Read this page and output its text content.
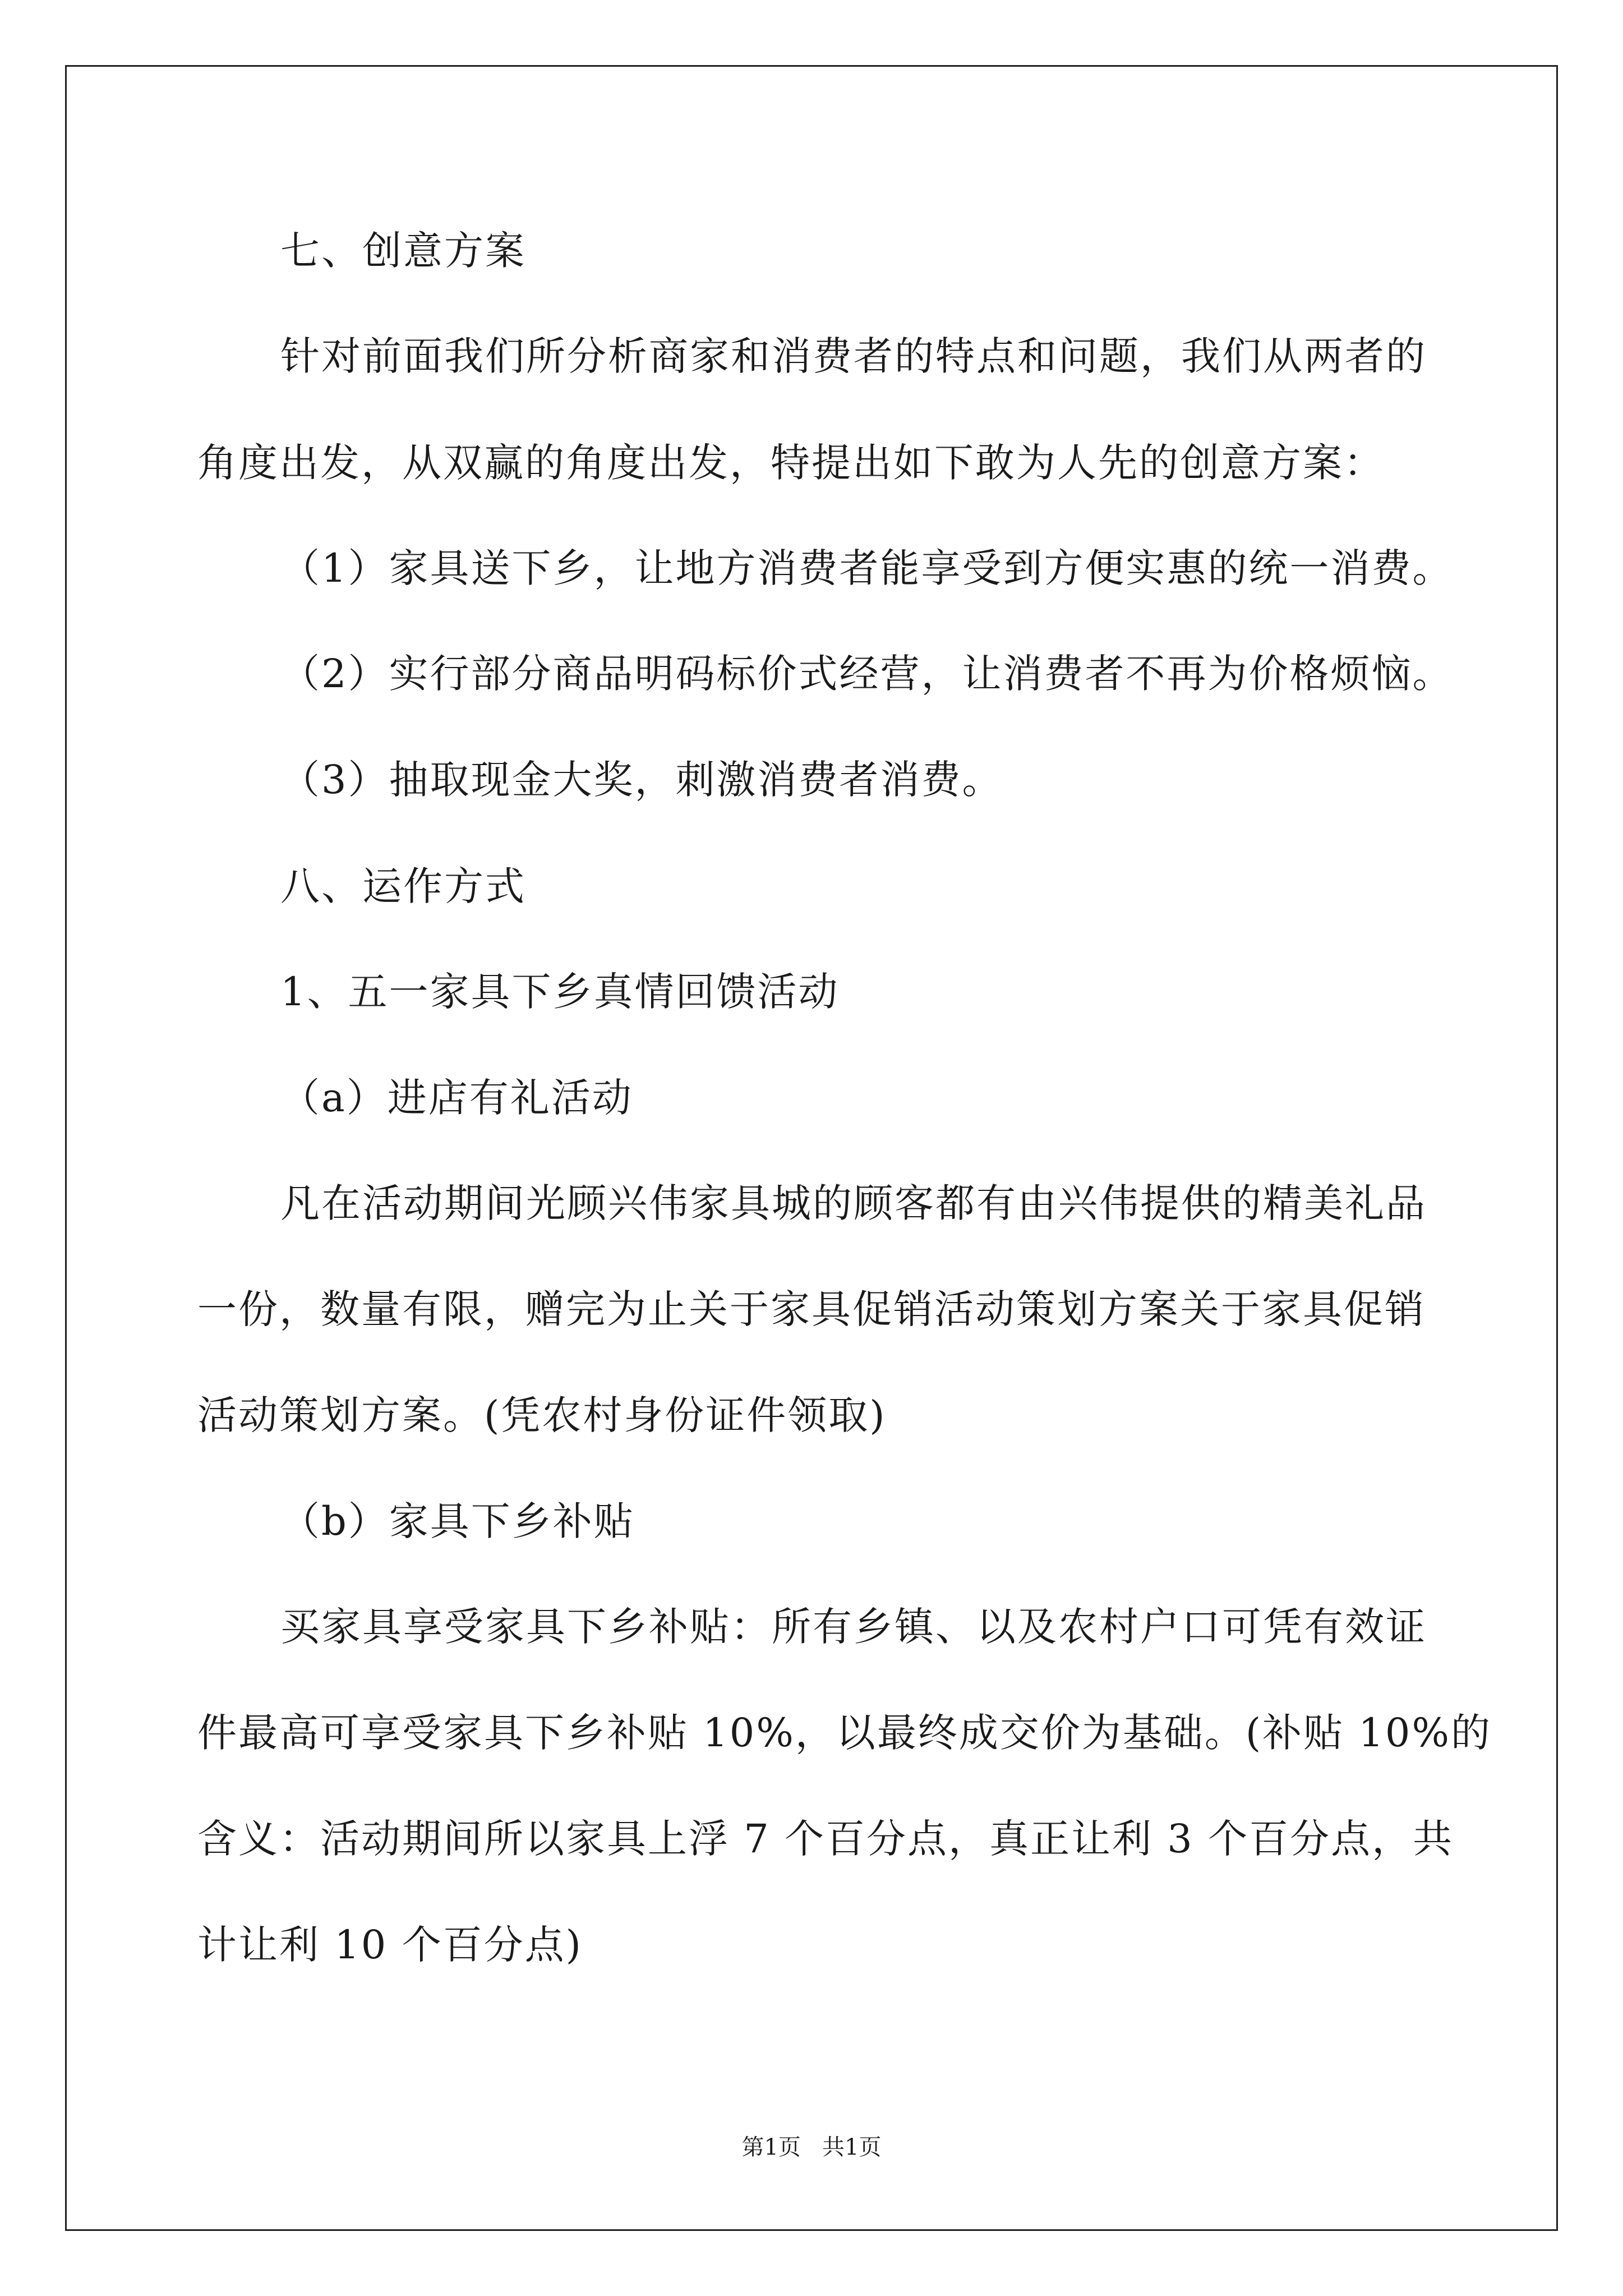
七、创意方案
针对前面我们所分析商家和消费者的特点和问题，我们从两者的
角度出发，从双赢的角度出发，特提出如下敢为人先的创意方案：
（1）家具送下乡，让地方消费者能享受到方便实惠的统一消费。
（2）实行部分商品明码标价式经营，让消费者不再为价格烦恼。
（3）抽取现金大奖，刺激消费者消费。
八、运作方式
1、五一家具下乡真情回馈活动
（a）进店有礼活动
凡在活动期间光顾兴伟家具城的顾客都有由兴伟提供的精美礼品
一份，数量有限，赠完为止关于家具促销活动策划方案关于家具促销
活动策划方案。(凭农村身份证件领取)
（b）家具下乡补贴
买家具享受家具下乡补贴：所有乡镇、以及农村户口可凭有效证
件最高可享受家具下乡补贴 10%，以最终成交价为基础。(补贴 10%的
含义：活动期间所以家具上浮 7 个百分点，真正让利 3 个百分点，共
计让利 10 个百分点)
第1页   共1页
